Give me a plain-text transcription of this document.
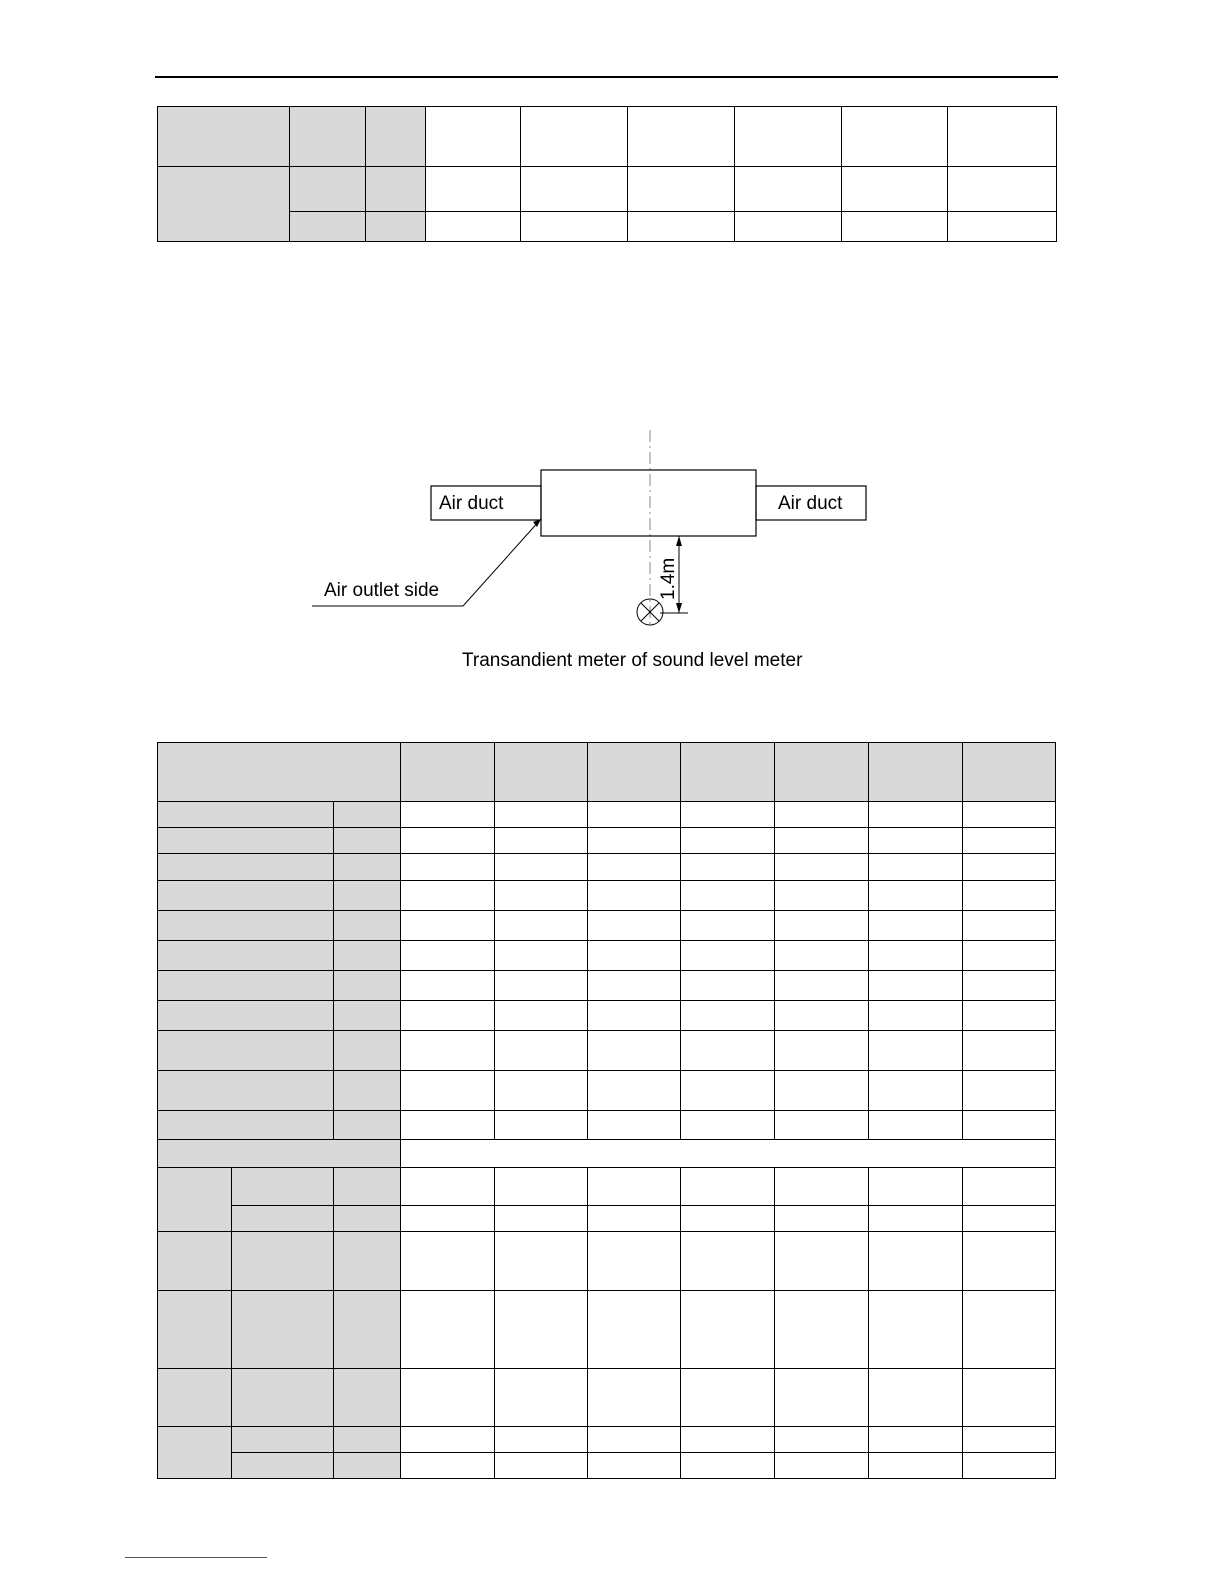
Air duct	Air duct
Air outlet side	1.4m
Transandient meter of sound level meter
